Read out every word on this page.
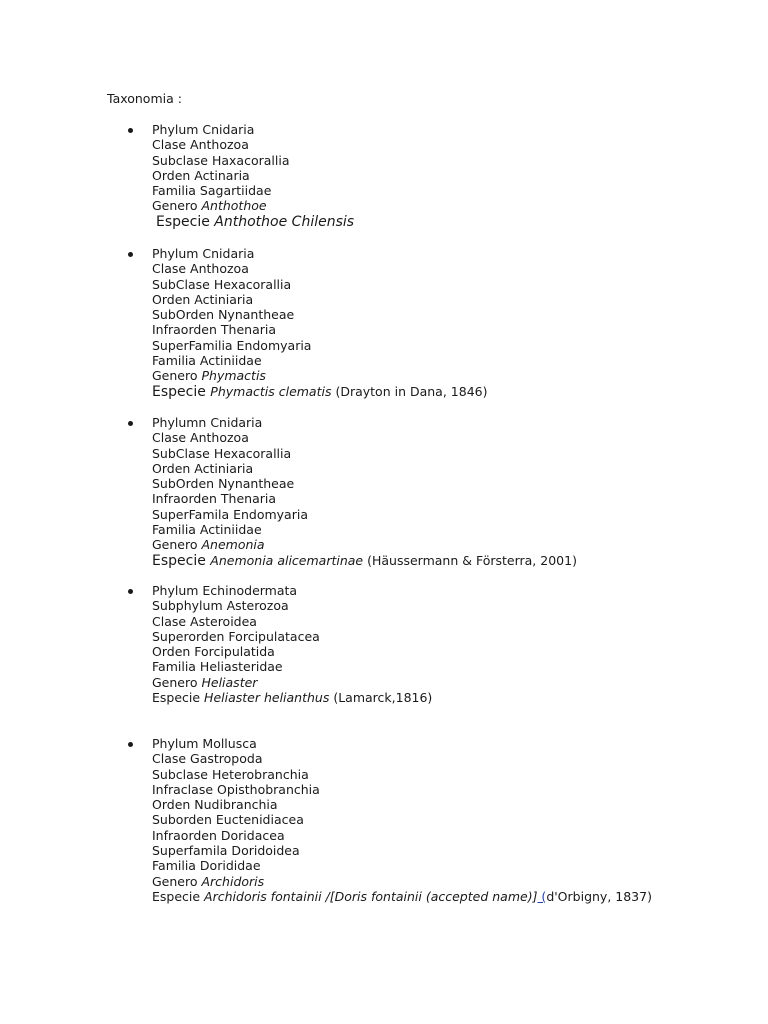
Taxonomia :
Phylum Cnidaria
Clase Anthozoa
Subclase Haxacorallia
Orden Actinaria
Familia Sagartiidae
Genero Anthothoe
Especie Anthothoe Chilensis
Phylum Cnidaria
Clase Anthozoa
SubClase Hexacorallia
Orden Actiniaria
SubOrden Nynantheae
Infraorden Thenaria
SuperFamilia Endomyaria
Familia Actiniidae
Genero Phymactis
Especie Phymactis clematis (Drayton in Dana, 1846)
Phylumn Cnidaria
Clase Anthozoa
SubClase Hexacorallia
Orden Actiniaria
SubOrden Nynantheae
Infraorden Thenaria
SuperFamila Endomyaria
Familia Actiniidae
Genero Anemonia
Especie Anemonia alicemartinae (Häussermann & Försterra, 2001)
Phylum Echinodermata
Subphylum Asterozoa
Clase Asteroidea
Superorden Forcipulatacea
Orden Forcipulatida
Familia Heliasteridae
Genero Heliaster
Especie Heliaster helianthus (Lamarck,1816)
Phylum Mollusca
Clase Gastropoda
Subclase Heterobranchia
Infraclase Opisthobranchia
Orden Nudibranchia
Suborden Euctenidiacea
Infraorden Doridacea
Superfamila Doridoidea
Familia Dorididae
Genero Archidoris
Especie Archidoris fontainii /[Doris fontainii (accepted name)] (d'Orbigny, 1837)
